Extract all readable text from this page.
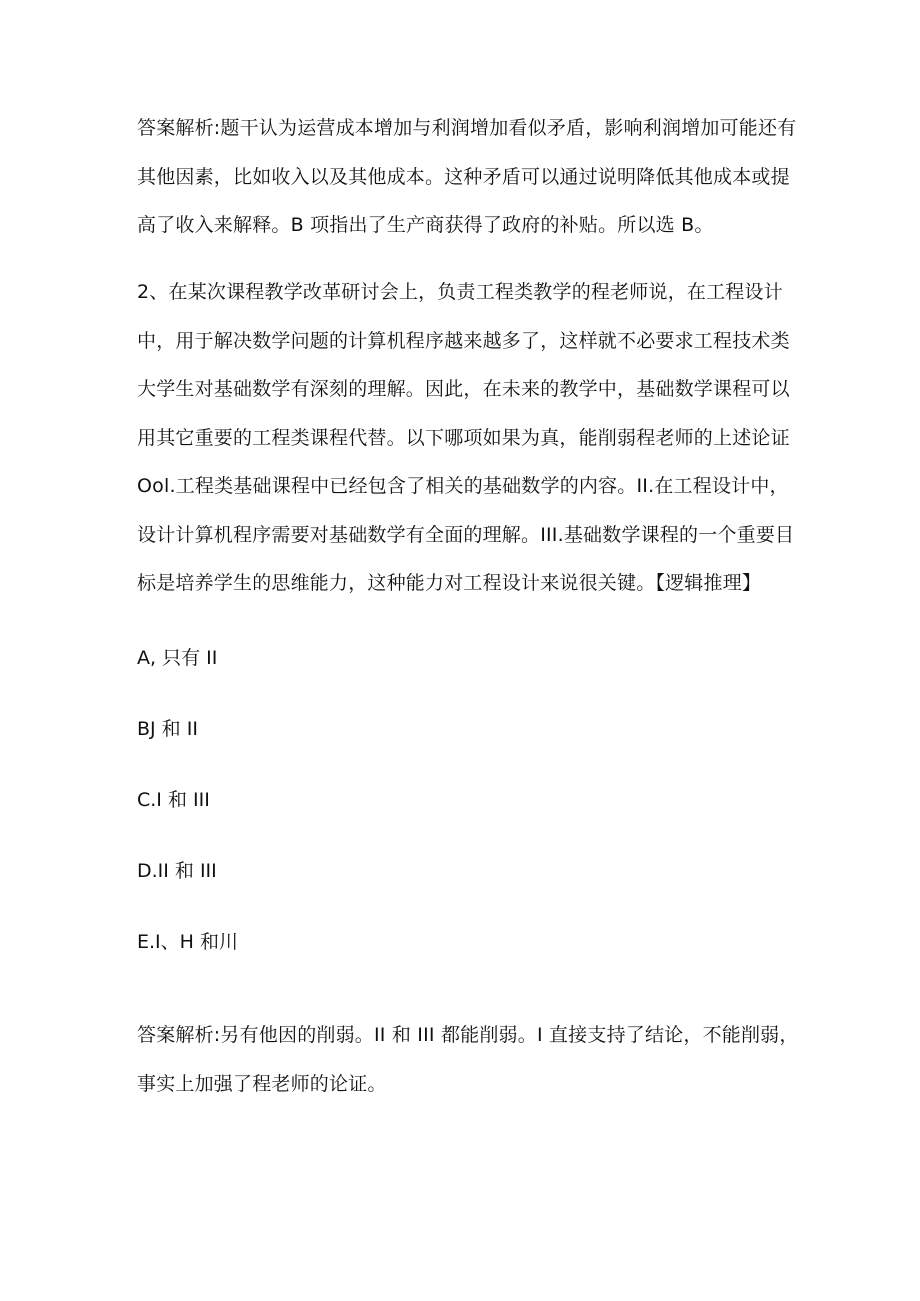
答案解析:题干认为运营成本增加与利润增加看似矛盾，影响利润增加可能还有
其他因素，比如收入以及其他成本。这种矛盾可以通过说明降低其他成本或提
高了收入来解释。B 项指出了生产商获得了政府的补贴。所以选 B。
2、在某次课程教学改革研讨会上，负责工程类教学的程老师说，在工程设计
中，用于解决数学问题的计算机程序越来越多了，这样就不必要求工程技术类
大学生对基础数学有深刻的理解。因此，在未来的教学中，基础数学课程可以
用其它重要的工程类课程代替。以下哪项如果为真，能削弱程老师的上述论证
Ool.工程类基础课程中已经包含了相关的基础数学的内容。II.在工程设计中，
设计计算机程序需要对基础数学有全面的理解。III.基础数学课程的一个重要目
标是培养学生的思维能力，这种能力对工程设计来说很关键。【逻辑推理】
A, 只有 II
BJ 和 II
C.I 和 III
D.II 和 III
E.I、H 和川
答案解析:另有他因的削弱。II 和 III 都能削弱。I 直接支持了结论，不能削弱，
事实上加强了程老师的论证。
